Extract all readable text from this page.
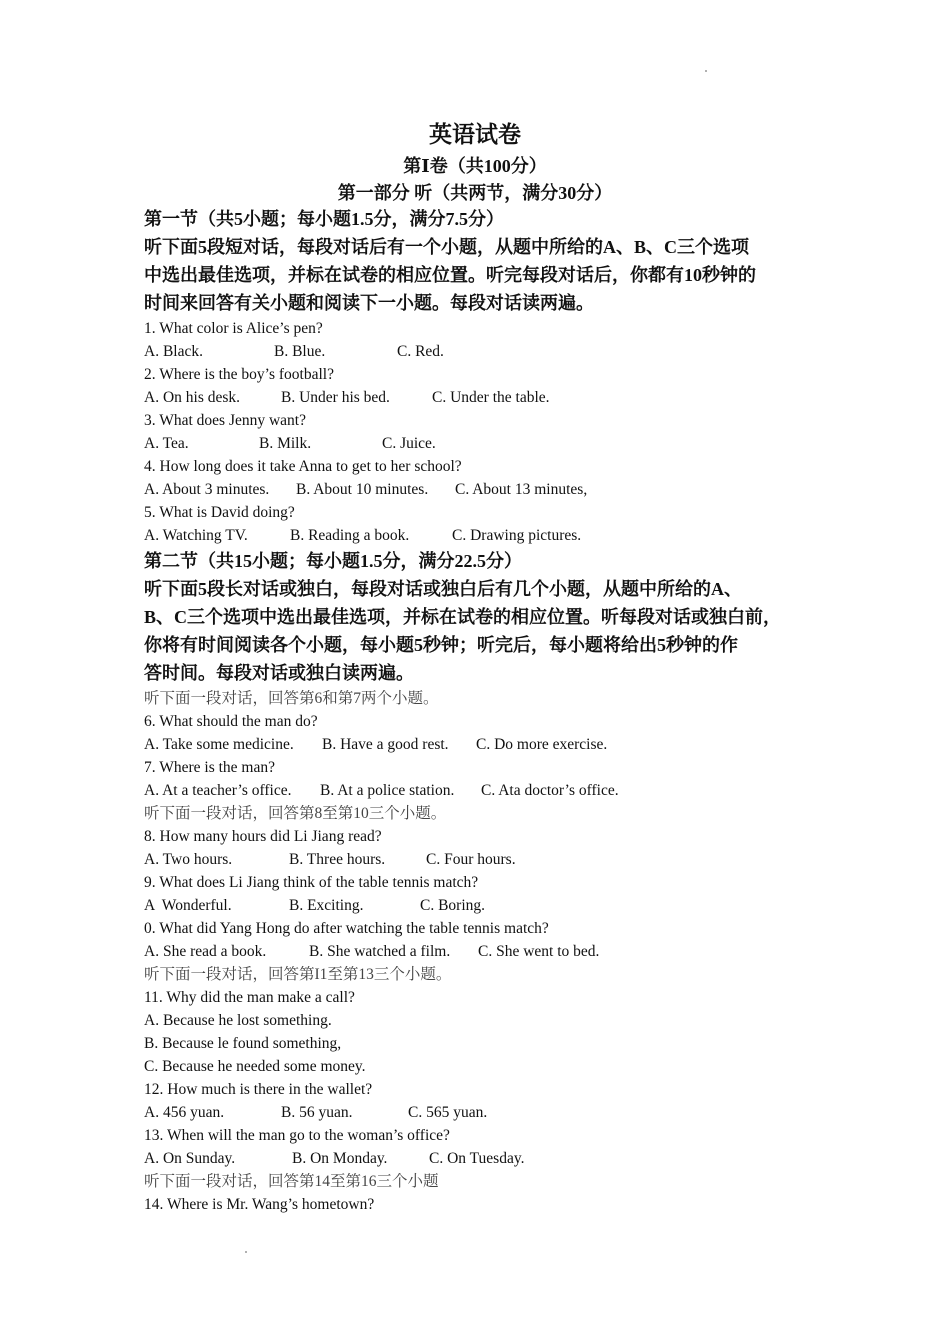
英语试卷
第Ⅰ卷（共100分）
第一部分 听（共两节，满分30分）

第一节（共5小题；每小题1.5分，满分7.5分）

听下面5段短对话，每段对话后有一个小题，从题中所给的A、B、C三个选项

中选出最佳选项，并标在试卷的相应位置。听完每段对话后，你都有10秒钟的

时间来回答有关小题和阅读下一小题。每段对话读两遍。

1. What color is Alice’s pen?

A. Black.	B. Blue.	C. Red.

2. Where is the boy’s football?

A. On his desk.	B. Under his bed.	C. Under the table.

3. What does Jenny want?

A. Tea.	B. Milk.	C. Juice.

4. How long does it take Anna to get to her school?

A. About 3 minutes.	B. About 10 minutes.	C. About 13 minutes,

5. What is David doing?

A. Watching TV.	B. Reading a book.	C. Drawing pictures.

第二节（共15小题；每小题1.5分，满分22.5分）

听下面5段长对话或独白，每段对话或独白后有几个小题，从题中所给的A、

B、C三个选项中选出最佳选项，并标在试卷的相应位置。听每段对话或独白前，

你将有时间阅读各个小题，每小题5秒钟；听完后，每小题将给出5秒钟的作

答时间。每段对话或独白读两遍。

听下面一段对话，回答第6和第7两个小题。

6. What should the man do?

A. Take some medicine.	B. Have a good rest.	C. Do more exercise.

7. Where is the man?

A. At a teacher’s office.	B. At a police station.	C. Ata doctor’s office.

听下面一段对话，回答第8至第10三个小题。

8. How many hours did Li Jiang read?

A. Two hours.	B. Three hours.	C. Four hours.

9. What does Li Jiang think of the table tennis match?

A  Wonderful.	B. Exciting.	C. Boring.

0. What did Yang Hong do after watching the table tennis match?

A. She read a book.	B. She watched a film.	C. She went to bed.

听下面一段对话，回答第I1至第13三个小题。

11. Why did the man make a call?

A. Because he lost something.

B. Because le found something,

C. Because he needed some money.

12. How much is there in the wallet?

A. 456 yuan.	B. 56 yuan.	C. 565 yuan.

13. When will the man go to the woman’s office?

A. On Sunday.	B. On Monday.	C. On Tuesday.

听下面一段对话，回答第14至第16三个小题

14. Where is Mr. Wang’s hometown?
